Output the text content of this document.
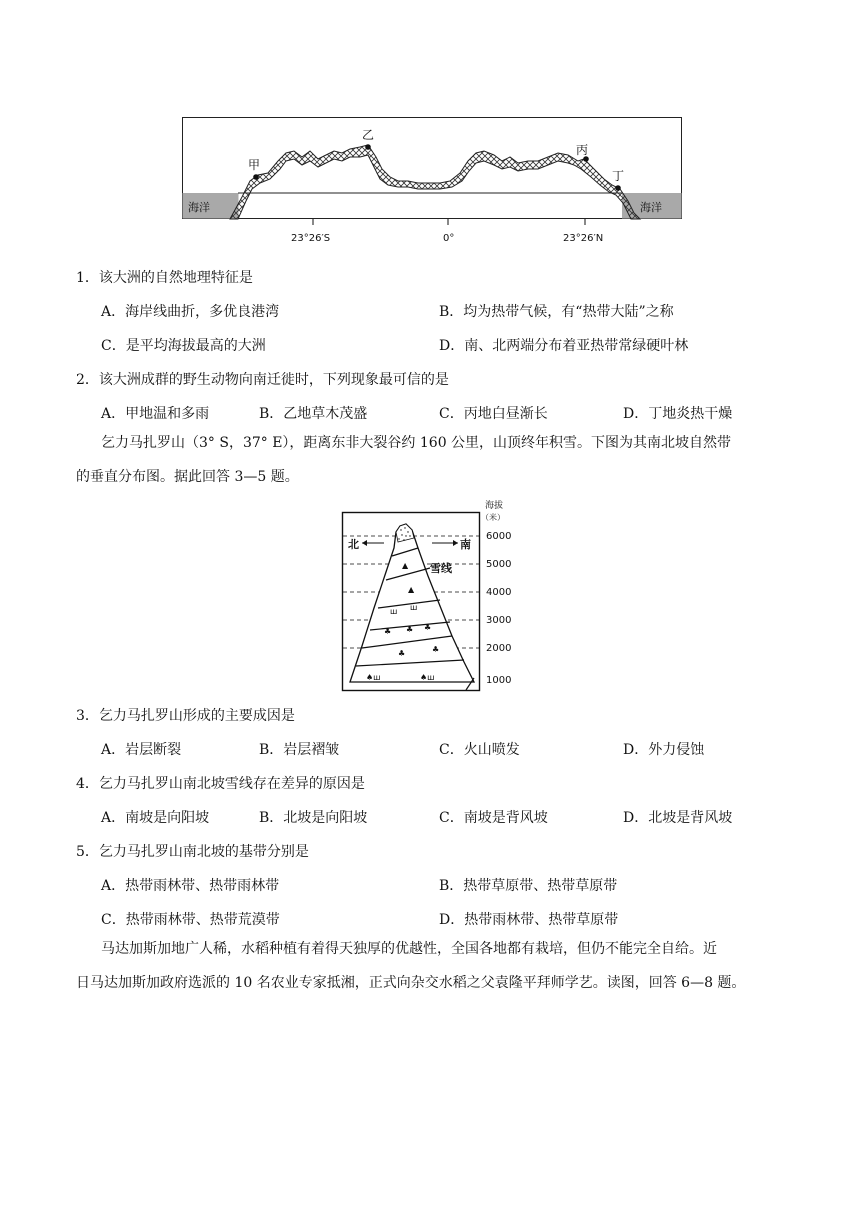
甲
乙
丙
丁
海洋	海洋
23°26′S	0°	23°26′N
1．该大洲的自然地理特征是
A．海岸线曲折，多优良港湾	B．均为热带气候，有“热带大陆”之称
C．是平均海拔最高的大洲	D．南、北两端分布着亚热带常绿硬叶林
2．该大洲成群的野生动物向南迁徙时，下列现象最可信的是
A．甲地温和多雨	B．乙地草木茂盛	C．丙地白昼渐长	D．丁地炎热干燥
乞力马扎罗山（3° S，37° E），距离东非大裂谷约 160 公里，山顶终年积雪。下图为其南北坡自然带
的垂直分布图。据此回答 3—5 题。
▲
▲
ш ш
♣ ♣ ♣
♣	♣
♠ш	♠ш
北	南
雪线
海拔
（米）
6000
5000
4000
3000
2000
1000
3．乞力马扎罗山形成的主要成因是
A．岩层断裂	B．岩层褶皱	C．火山喷发	D．外力侵蚀
4．乞力马扎罗山南北坡雪线存在差异的原因是
A．南坡是向阳坡	B．北坡是向阳坡	C．南坡是背风坡	D．北坡是背风坡
5．乞力马扎罗山南北坡的基带分别是
A．热带雨林带、热带雨林带	B．热带草原带、热带草原带
C．热带雨林带、热带荒漠带	D．热带雨林带、热带草原带
马达加斯加地广人稀，水稻种植有着得天独厚的优越性，全国各地都有栽培，但仍不能完全自给。近
日马达加斯加政府选派的 10 名农业专家抵湘，正式向杂交水稻之父袁隆平拜师学艺。读图，回答 6—8 题。
